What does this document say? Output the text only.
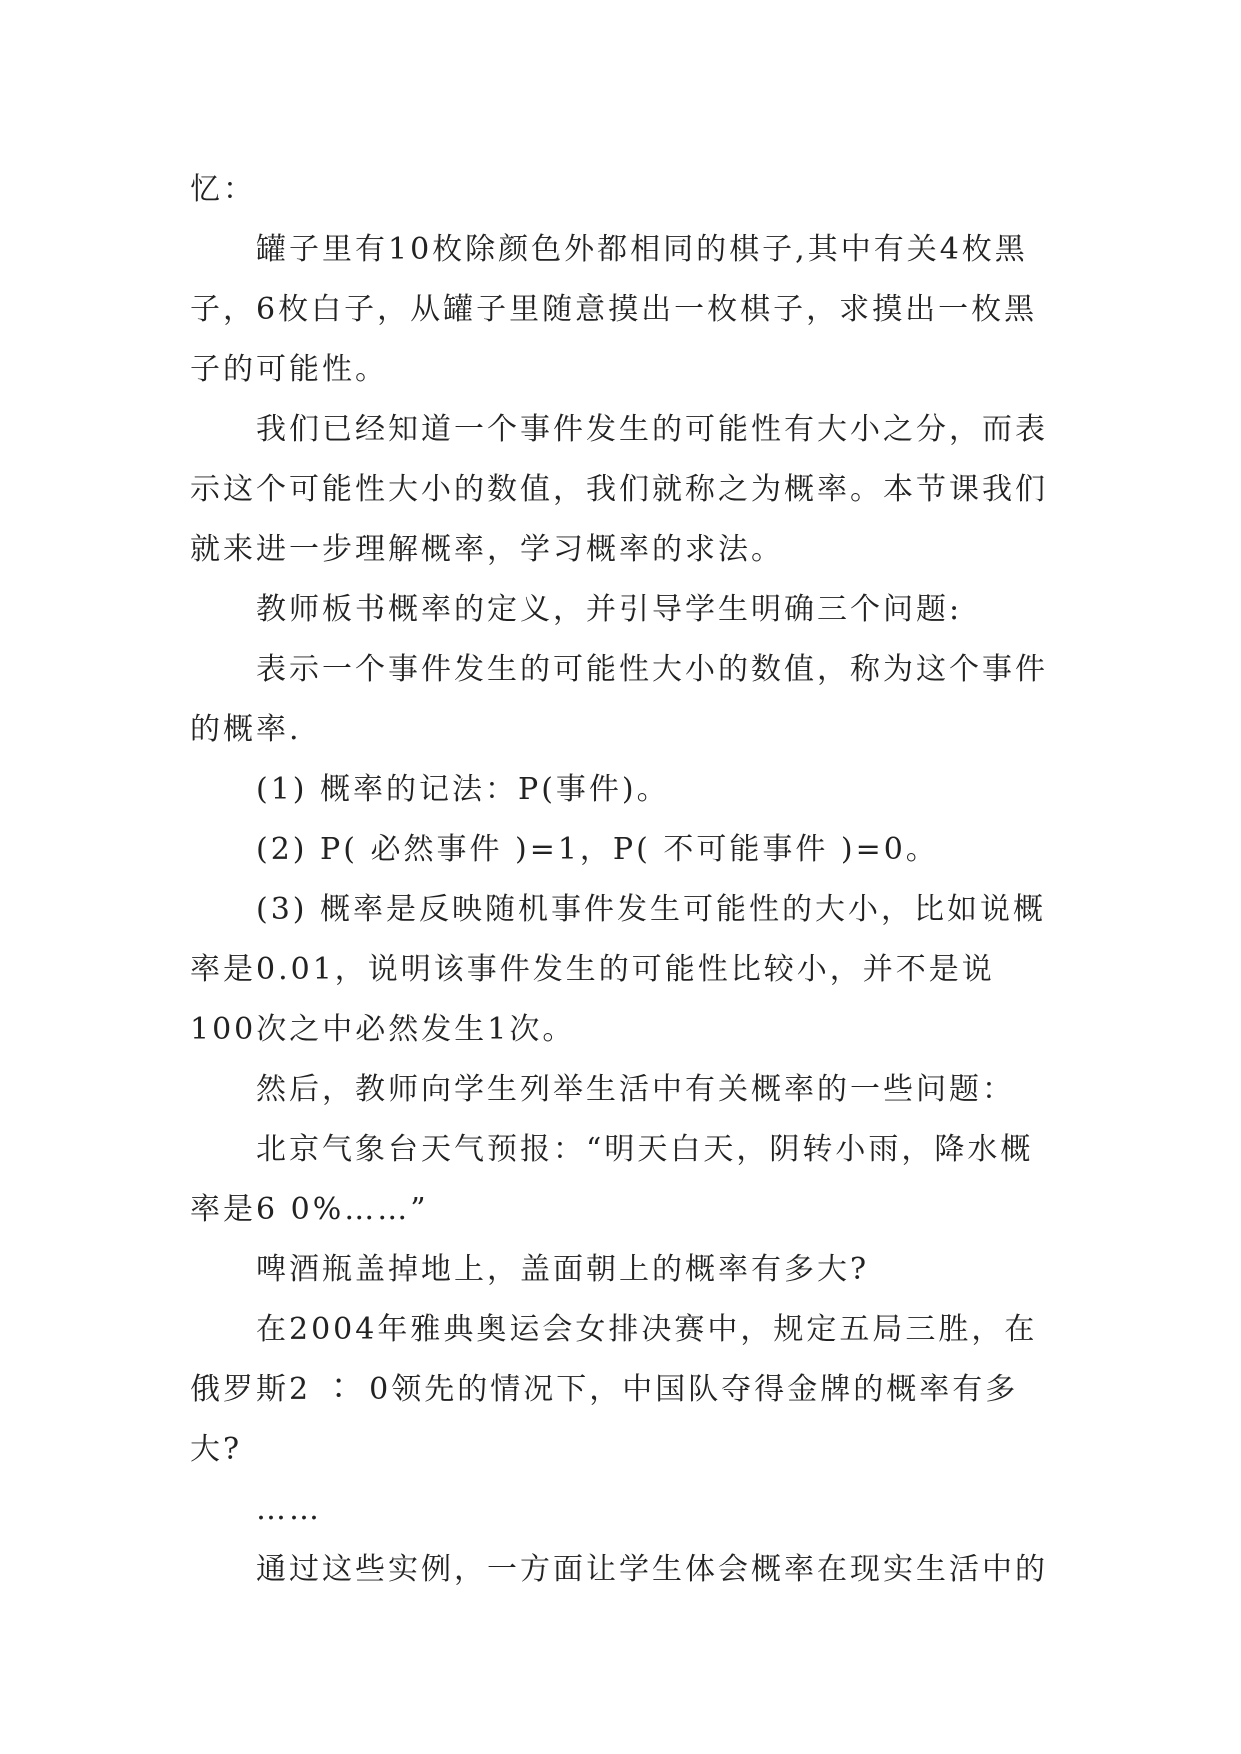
忆：

罐子里有10枚除颜色外都相同的棋子,其中有关4枚黑子，6枚白子，从罐子里随意摸出一枚棋子，求摸出一枚黑子的可能性。

我们已经知道一个事件发生的可能性有大小之分，而表示这个可能性大小的数值，我们就称之为概率。本节课我们就来进一步理解概率，学习概率的求法。

教师板书概率的定义，并引导学生明确三个问题:

表示一个事件发生的可能性大小的数值，称为这个事件的概率.

(1) 概率的记法：P(事件)。

(2) P( 必然事件 )=1，P( 不可能事件 )=0。

(3) 概率是反映随机事件发生可能性的大小，比如说概率是0.01，说明该事件发生的可能性比较小，并不是说100次之中必然发生1次。

然后，教师向学生列举生活中有关概率的一些问题：

北京气象台天气预报：“明天白天，阴转小雨，降水概率是6 0%……”

啤酒瓶盖掉地上，盖面朝上的概率有多大?

在2004年雅典奥运会女排决赛中，规定五局三胜，在俄罗斯2 ∶ 0领先的情况下，中国队夺得金牌的概率有多大?

……

通过这些实例，一方面让学生体会概率在现实生活中的
